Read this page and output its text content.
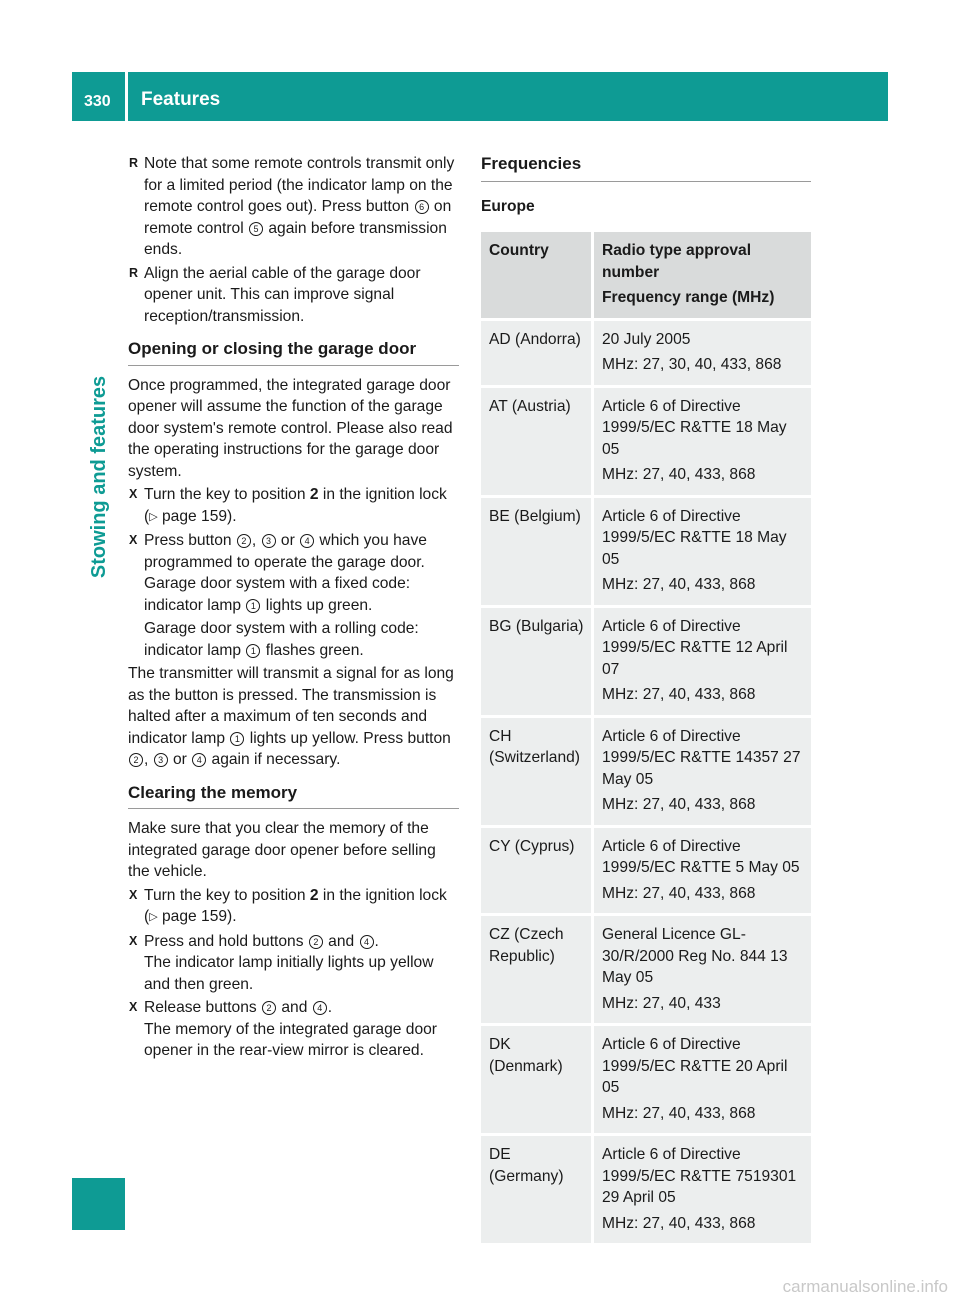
330 Features
Stowing and features
R Note that some remote controls transmit only for a limited period (the indicator lamp on the remote control goes out). Press button 6 on remote control 5 again before transmission ends.
R Align the aerial cable of the garage door opener unit. This can improve signal reception/transmission.
Opening or closing the garage door
Once programmed, the integrated garage door opener will assume the function of the garage door system's remote control. Please also read the operating instructions for the garage door system.
X Turn the key to position 2 in the ignition lock (▷ page 159).
X Press button 2 , 3 or 4 which you have programmed to operate the garage door.
Garage door system with a fixed code: indicator lamp 1 lights up green.
Garage door system with a rolling code: indicator lamp 1 flashes green.
The transmitter will transmit a signal for as long as the button is pressed. The transmission is halted after a maximum of ten seconds and indicator lamp 1 lights up yellow. Press button 2 , 3 or 4 again if necessary.
Clearing the memory
Make sure that you clear the memory of the integrated garage door opener before selling the vehicle.
X Turn the key to position 2 in the ignition lock (▷ page 159).
X Press and hold buttons 2 and 4 .
The indicator lamp initially lights up yellow and then green.
X Release buttons 2 and 4 .
The memory of the integrated garage door opener in the rear-view mirror is cleared.
Frequencies
Europe
Country	Radio type approval number
Frequency range (MHz)

AD (Andorra)	20 July 2005
MHz: 27, 30, 40, 433, 868

AT (Austria)	Article 6 of Directive 1999/5/EC R&TTE 18 May 05
MHz: 27, 40, 433, 868

BE (Belgium)	Article 6 of Directive 1999/5/EC R&TTE 18 May 05
MHz: 27, 40, 433, 868

BG (Bulgaria)	Article 6 of Directive 1999/5/EC R&TTE 12 April 07
MHz: 27, 40, 433, 868

CH (Switzerland)	Article 6 of Directive 1999/5/EC R&TTE 14357 27 May 05
MHz: 27, 40, 433, 868

CY (Cyprus)	Article 6 of Directive 1999/5/EC R&TTE 5 May 05
MHz: 27, 40, 433, 868

CZ (Czech Republic)	General Licence GL-30/R/2000 Reg No. 844 13 May 05
MHz: 27, 40, 433

DK (Denmark)	Article 6 of Directive 1999/5/EC R&TTE 20 April 05
MHz: 27, 40, 433, 868

DE (Germany)	Article 6 of Directive 1999/5/EC R&TTE 7519301 29 April 05
MHz: 27, 40, 433, 868
carmanualsonline.info
